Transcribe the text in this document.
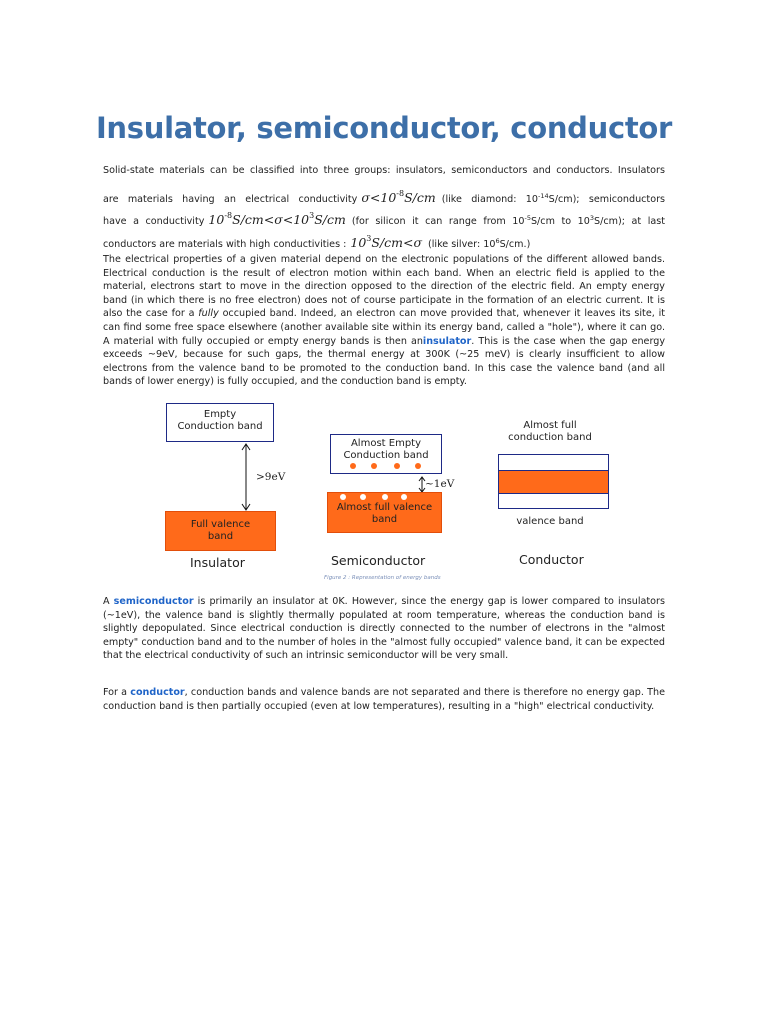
Insulator, semiconductor, conductor
Solid-state materials can be classified into three groups: insulators, semiconductors and conductors. Insulators
are materials having an electrical conductivity $\sigma<10^{-8}S/cm$ (like diamond: $10^{-14}S/cm$); semiconductors
have a conductivity $10^{-8}S/cm<\sigma<10^3S/cm$ (for silicon it can range from $10^{-5}S/cm$ to $10^3S/cm$); at last
conductors are materials with high conductivities : $10^3S/cm<\sigma$ (like silver: $10^6S/cm$.)

The electrical properties of a given material depend on the electronic populations of the different allowed bands. Electrical conduction is the result of electron motion within each band. When an electric field is applied to the material, electrons start to move in the direction opposed to the direction of the electric field. An empty energy band (in which there is no free electron) does not of course participate in the formation of an electric current. It is also the case for a fully occupied band. Indeed, an electron can move provided that, whenever it leaves its site, it can find some free space elsewhere (another available site within its energy band, called a "hole"), where it can go. A material with fully occupied or empty energy bands is then aninsulator. This is the case when the gap energy exceeds ~9eV, because for such gaps, the thermal energy at 300K (~25 meV) is clearly insufficient to allow electrons from the valence band to be promoted to the conduction band. In this case the valence band (and all bands of lower energy) is fully occupied, and the conduction band is empty.

Empty Conduction band
>9eV
Full valence band
Insulator
Almost Empty Conduction band
~1eV
Almost full valence band
Semiconductor
Almost full conduction band
valence band
Conductor
Figure 2 : Representation of energy bands

A semiconductor is primarily an insulator at 0K. However, since the energy gap is lower compared to insulators (~1eV), the valence band is slightly thermally populated at room temperature, whereas the conduction band is slightly depopulated. Since electrical conduction is directly connected to the number of electrons in the "almost empty" conduction band and to the number of holes in the "almost fully occupied" valence band, it can be expected that the electrical conductivity of such an intrinsic semiconductor will be very small.

For a conductor, conduction bands and valence bands are not separated and there is therefore no energy gap. The conduction band is then partially occupied (even at low temperatures), resulting in a "high" electrical conductivity.
